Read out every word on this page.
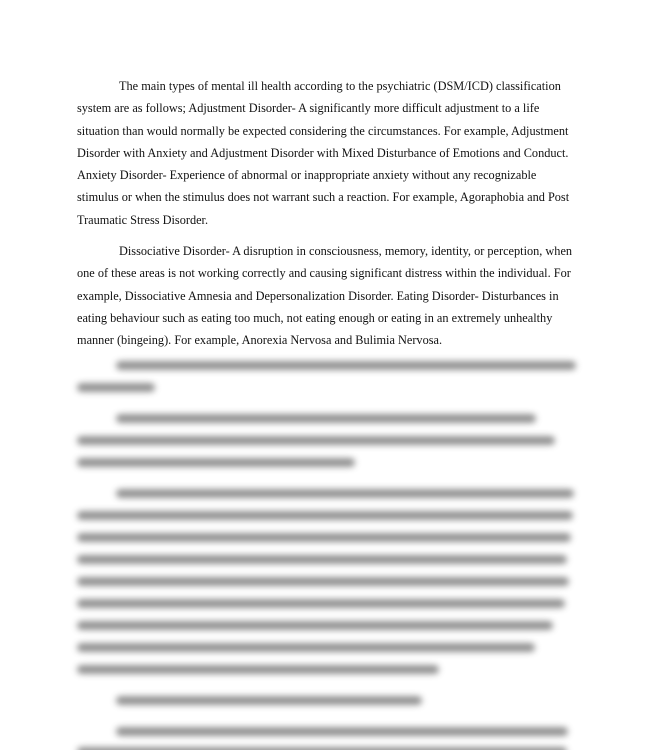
The main types of mental ill health according to the psychiatric (DSM/ICD) classification system are as follows; Adjustment Disorder- A significantly more difficult adjustment to a life situation than would normally be expected considering the circumstances. For example, Adjustment Disorder with Anxiety and Adjustment Disorder with Mixed Disturbance of Emotions and Conduct. Anxiety Disorder- Experience of abnormal or inappropriate anxiety without any recognizable stimulus or when the stimulus does not warrant such a reaction. For example, Agoraphobia and Post Traumatic Stress Disorder.

Dissociative Disorder- A disruption in consciousness, memory, identity, or perception, when one of these areas is not working correctly and causing significant distress within the individual. For example, Dissociative Amnesia and Depersonalization Disorder. Eating Disorder- Disturbances in eating behaviour such as eating too much, not eating enough or eating in an extremely unhealthy manner (bingeing). For example, Anorexia Nervosa and Bulimia Nervosa.
